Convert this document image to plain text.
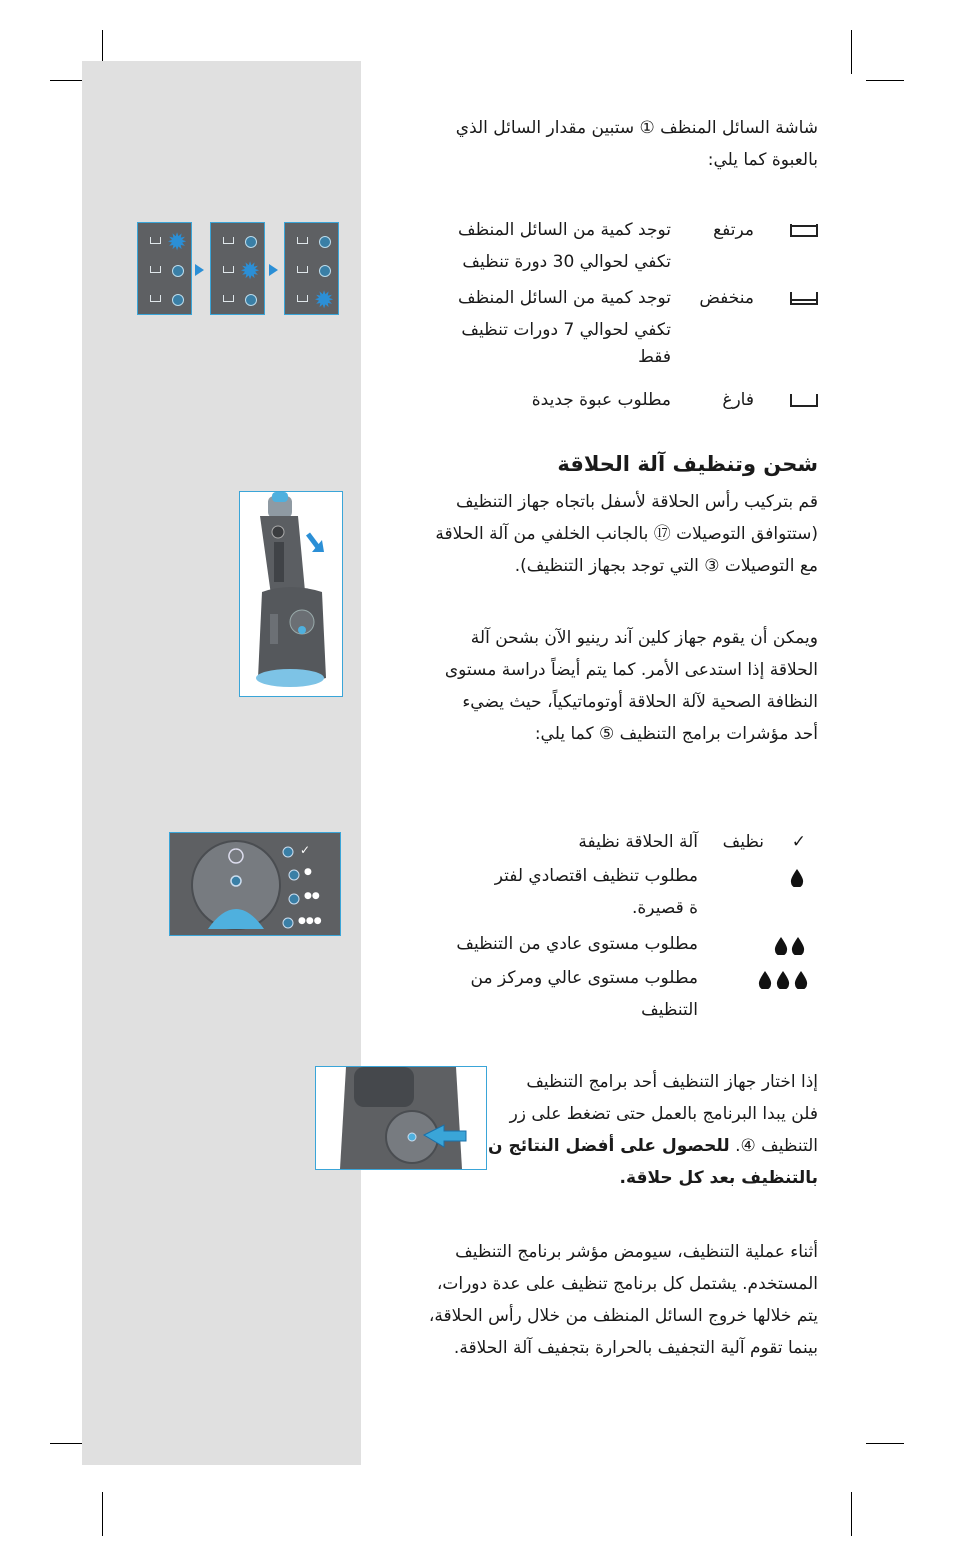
✹
✹
✹
✓
●
●●
●●●
شاشة السائل المنظف ① ستبين مقدار السائل الذي
بالعبوة كما يلي:
مرتفع
توجد كمية من السائل المنظف
تكفي لحوالي 30 دورة تنظيف
منخفض
توجد كمية من السائل المنظف
تكفي لحوالي 7 دورات تنظيف
فقط
فارغ
مطلوب عبوة جديدة
شحن وتنظيف آلة الحلاقة
قم بتركيب رأس الحلاقة لأسفل باتجاه جهاز التنظيف
(ستتوافق التوصيلات ⑰ بالجانب الخلفي من آلة الحلاقة
مع التوصيلات ③ التي توجد بجهاز التنظيف).
ويمكن أن يقوم جهاز كلين آند رينيو الآن بشحن آلة
الحلاقة إذا استدعى الأمر. كما يتم أيضاً دراسة مستوى
النظافة الصحية لآلة الحلاقة أوتوماتيكياً، حيث يضيء
أحد مؤشرات برامج التنظيف ⑤ كما يلي:
✓
نظيف
آلة الحلاقة نظيفة
مطلوب تنظيف اقتصادي لفتر
ة قصيرة.
مطلوب مستوى عادي من التنظيف
مطلوب مستوى عالي ومركز من
التنظيف
إذا اختار جهاز التنظيف أحد برامج التنظيف
فلن يبدا البرنامج بالعمل حتى تضغط على زر
التنظيف ④. للحصول على أفضل النتائج ن
بالتنظيف بعد كل حلاقة.
أثناء عملية التنظيف، سيومض مؤشر برنامج التنظيف
المستخدم. يشتمل كل برنامج تنظيف على عدة دورات،
يتم خلالها خروج السائل المنظف من خلال رأس الحلاقة،
بينما تقوم آلية التجفيف بالحرارة بتجفيف آلة الحلاقة.
